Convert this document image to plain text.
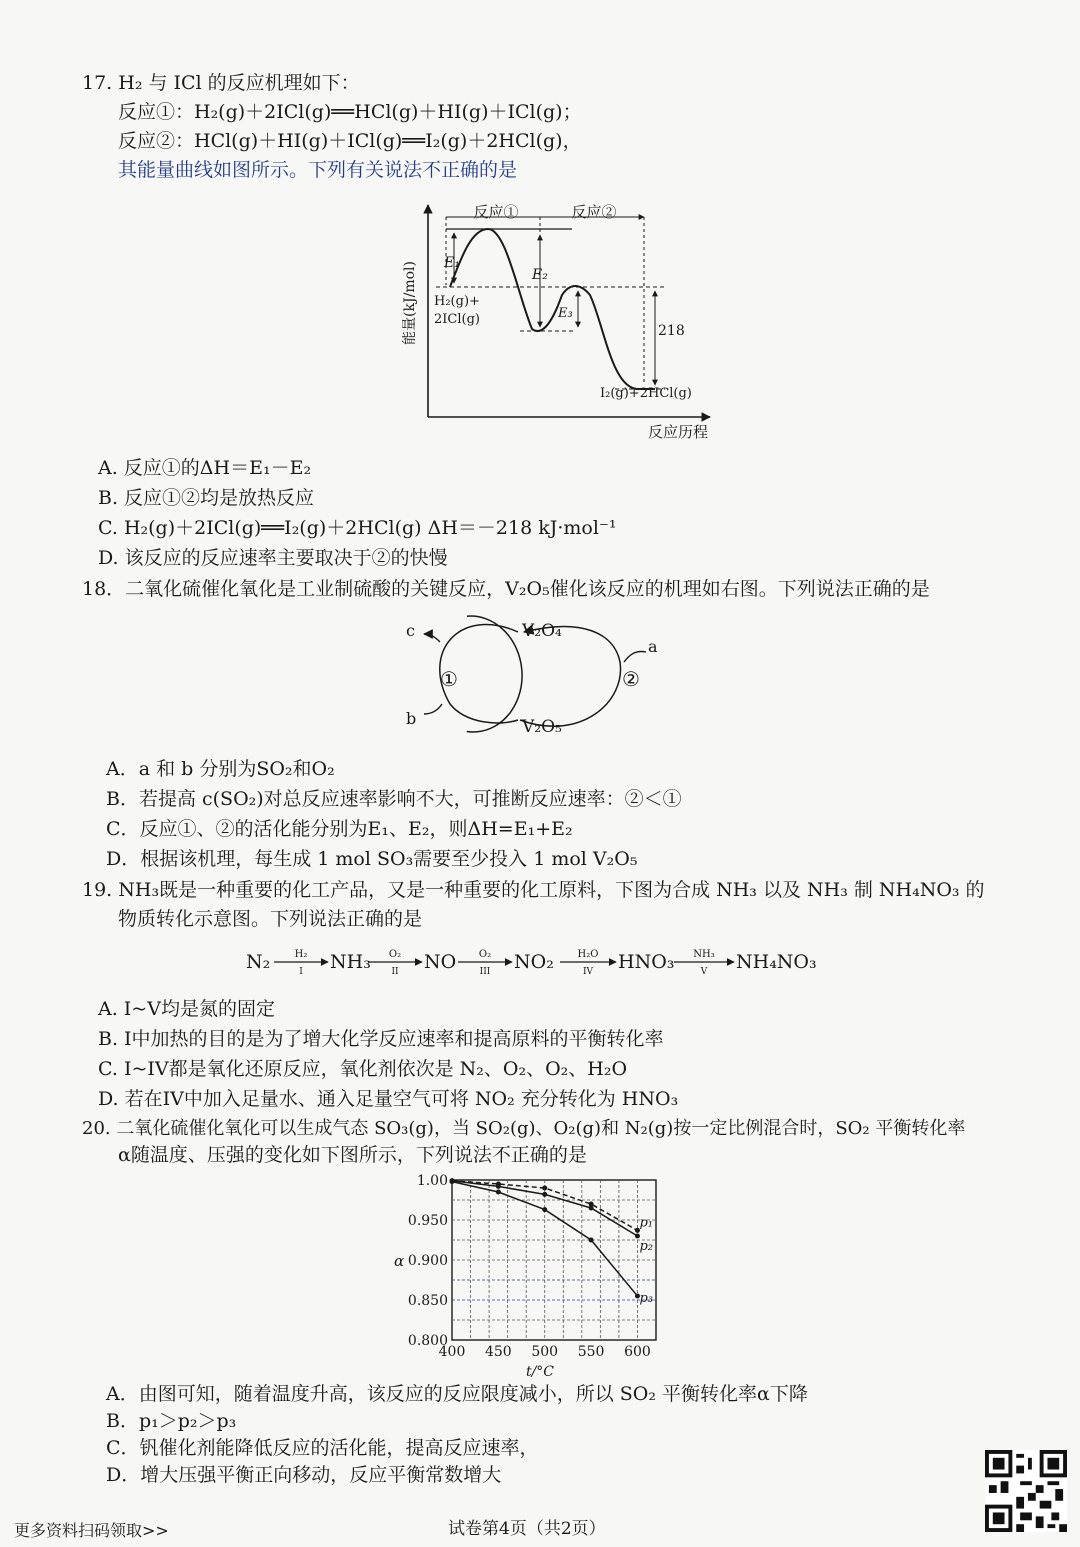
17. H₂ 与 ICl 的反应机理如下：
反应①：H₂(g)＋2ICl(g)══HCl(g)＋HI(g)＋ICl(g)；
反应②：HCl(g)＋HI(g)＋ICl(g)══I₂(g)＋2HCl(g)，
其能量曲线如图所示。下列有关说法不正确的是
能量(kJ/mol)
反应历程
反应①	反应②
E₁
E₂
E₃
218
H₂(g)+
2ICl(g)
I₂(g)+2HCl(g)
A. 反应①的ΔH＝E₁－E₂
B. 反应①②均是放热反应
C. H₂(g)＋2ICl(g)══I₂(g)＋2HCl(g) ΔH＝－218 kJ·mol⁻¹
D. 该反应的反应速率主要取决于②的快慢
18．二氧化硫催化氧化是工业制硫酸的关键反应，V₂O₅催化该反应的机理如右图。下列说法正确的是
V₂O₄
V₂O₅
c
b
a
①	②
A．a 和 b 分别为SO₂和O₂
B．若提高 c(SO₂)对总反应速率影响不大，可推断反应速率：②＜①
C．反应①、②的活化能分别为E₁、E₂，则ΔH=E₁+E₂
D．根据该机理，每生成 1 mol SO₃需要至少投入 1 mol V₂O₅
19. NH₃既是一种重要的化工产品，又是一种重要的化工原料，下图为合成 NH₃ 以及 NH₃ 制 NH₄NO₃ 的
物质转化示意图。下列说法正确的是
N₂ H₂
I NH₃ O₂
II NO O₂
III NO₂ H₂O
IV HNO₃ NH₃
V NH₄NO₃
A. I~V均是氮的固定
B. I中加热的目的是为了增大化学反应速率和提高原料的平衡转化率
C. I~IV都是氧化还原反应，氧化剂依次是 N₂、O₂、O₂、H₂O
D. 若在IV中加入足量水、通入足量空气可将 NO₂ 充分转化为 HNO₃
20. 二氧化硫催化氧化可以生成气态 SO₃(g)，当 SO₂(g)、O₂(g)和 N₂(g)按一定比例混合时，SO₂ 平衡转化率
α随温度、压强的变化如下图所示，下列说法不正确的是
p₁
p₂
p₃
1.00
0.950
0.900
0.850
0.800
400 450 500 550 600
α
t/°C
A．由图可知，随着温度升高，该反应的反应限度减小，所以 SO₂ 平衡转化率α下降
B．p₁＞p₂＞p₃
C．钒催化剂能降低反应的活化能，提高反应速率，
D．增大压强平衡正向移动，反应平衡常数增大
更多资料扫码领取>>	试卷第4页（共2页）
